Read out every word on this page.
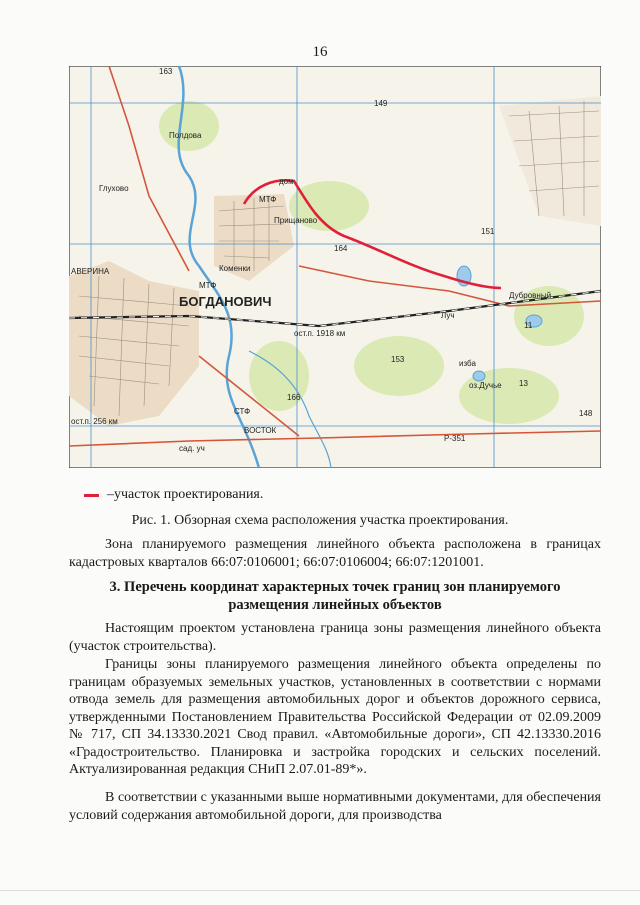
16
БОГДАНОВИЧ
Прищаново
Коменки
Полдова
Глухово
АВЕРИНА
Дубровный
ВОСТОК
Луч
ост.п. 1918 км
ост.п. 256 км
МТФ
МТФ
СТФ
сад. уч
Р-351
149
151
153
164
166
163
148
изба
13
11
дом
оз.Дучье
–участок проектирования.
Рис. 1. Обзорная схема расположения участка проектирования.
Зона планируемого размещения линейного объекта расположена в границах кадастровых кварталов 66:07:0106001; 66:07:0106004; 66:07:1201001.
3. Перечень координат характерных точек границ зон планируемого размещения линейных объектов
Настоящим проектом установлена граница зоны размещения линейного объекта (участок строительства).
Границы зоны планируемого размещения линейного объекта определены по границам образуемых земельных участков, установленных в соответствии с нормами отвода земель для размещения автомобильных дорог и объектов дорожного сервиса, утвержденными Постановлением Правительства Российской Федерации от 02.09.2009 № 717, СП 34.13330.2021 Свод правил. «Автомобильные дороги», СП 42.13330.2016 «Градостроительство. Планировка и застройка городских и сельских поселений. Актуализированная редакция СНиП 2.07.01-89*».
В соответствии с указанными выше нормативными документами, для обеспечения условий содержания автомобильной дороги, для производства
